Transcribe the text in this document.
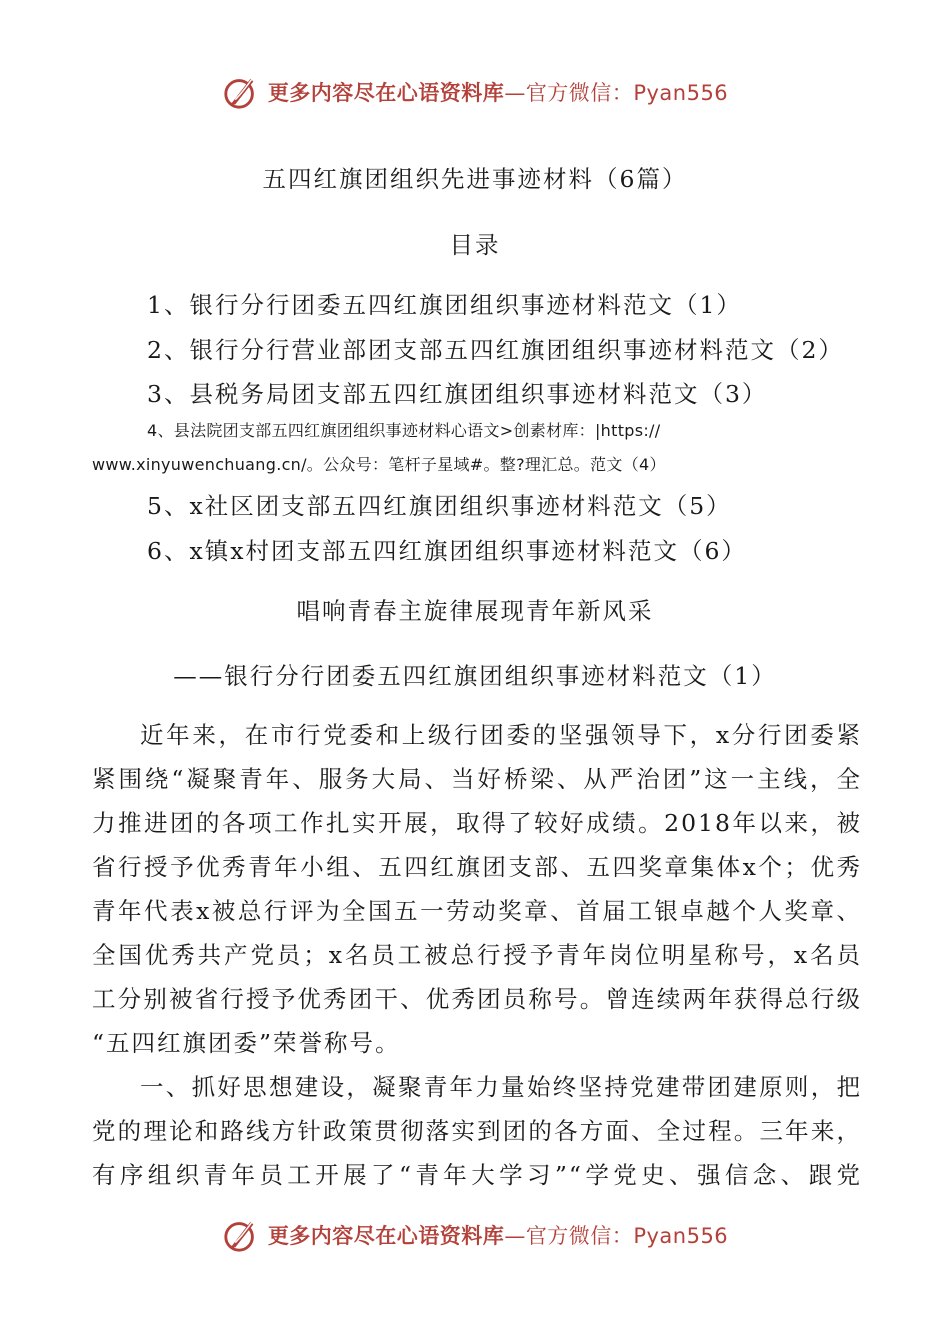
更多内容尽在心语资料库—官方微信：Pyan556
五四红旗团组织先进事迹材料（6篇）
目录
1、银行分行团委五四红旗团组织事迹材料范文（1）
2、银行分行营业部团支部五四红旗团组织事迹材料范文（2）
3、县税务局团支部五四红旗团组织事迹材料范文（3）
4、县法院团支部五四红旗团组织事迹材料心语文>创素材库：|https://
www.xinyuwenchuang.cn/。公众号：笔杆子星域#。整?理汇总。范文（4）
5、x社区团支部五四红旗团组织事迹材料范文（5）
6、x镇x村团支部五四红旗团组织事迹材料范文（6）
唱响青春主旋律展现青年新风采
——银行分行团委五四红旗团组织事迹材料范文（1）
近年来，在市行党委和上级行团委的坚强领导下，x分行团委紧
紧围绕“凝聚青年、服务大局、当好桥梁、从严治团”这一主线，全
力推进团的各项工作扎实开展，取得了较好成绩。2018年以来，被
省行授予优秀青年小组、五四红旗团支部、五四奖章集体x个；优秀
青年代表x被总行评为全国五一劳动奖章、首届工银卓越个人奖章、
全国优秀共产党员；x名员工被总行授予青年岗位明星称号，x名员
工分别被省行授予优秀团干、优秀团员称号。曾连续两年获得总行级
“五四红旗团委”荣誉称号。
一、抓好思想建设，凝聚青年力量始终坚持党建带团建原则，把
党的理论和路线方针政策贯彻落实到团的各方面、全过程。三年来，
有序组织青年员工开展了“青年大学习”“学党史、强信念、跟党
更多内容尽在心语资料库—官方微信：Pyan556
